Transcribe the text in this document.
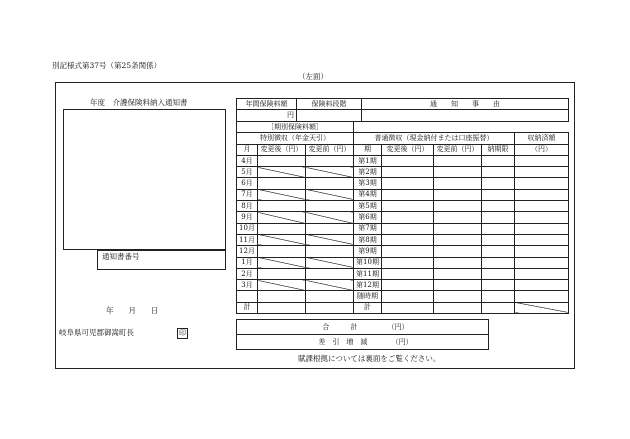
別記様式第37号（第25条関係）
（左面）
年度　介護保険料納入通知書
通知書番号
年　　月　　日
岐阜県可児郡御嵩町長	印
年間保険料額	保険料段階	通　　知　　事　　由
円		
［期別保険料額］							
特別徴収（年金天引）			普通徴収（現金納付または口座振替）				収納済額
月	変更後（円）	変更前（円）	期	変更後（円）	変更前（円）	納期限	（円）
4月			第1期				
5月			第2期				
6月			第3期				
7月			第4期				
8月			第5期				
9月			第6期				
10月			第7期				
11月			第8期				
12月			第9期				
1月			第10期				
2月			第11期				
3月			第12期				
			随時期				
計			計				
合　　　計	（円）
差　引　増　減	（円）
賦課根拠については裏面をご覧ください。
